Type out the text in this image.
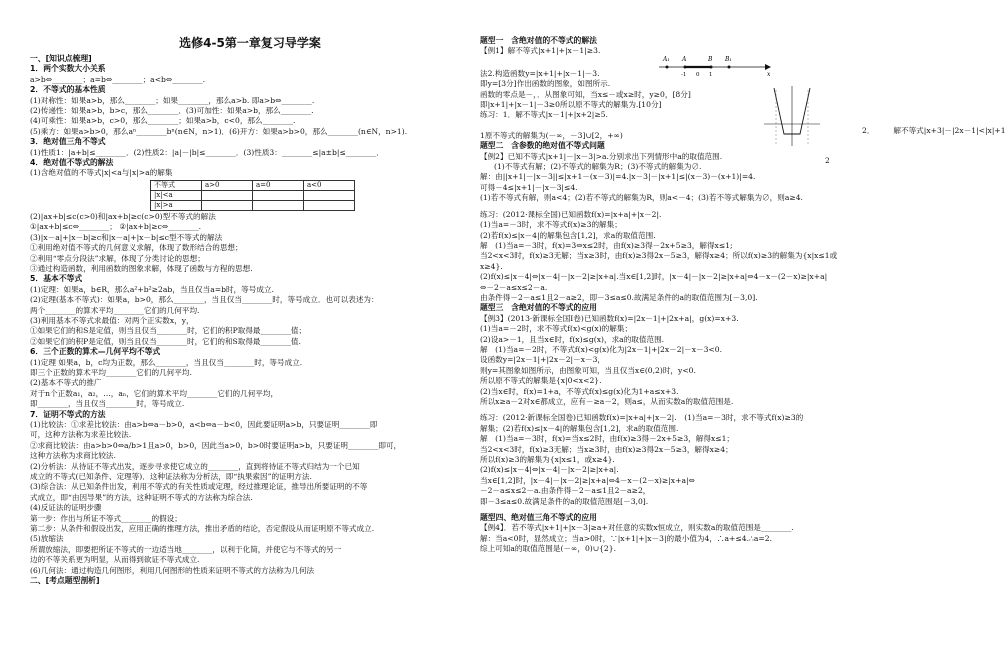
选修4-5第一章复习导学案
一、[知识点梳理]
1．两个实数大小关系
a>b⇔________；a=b⇔________；a<b⇔________.
2．不等式的基本性质
(1)对称性：如果a>b，那么________；如果________，那么a>b. 即a>b⇔________.
(2)传递性：如果a>b，b>c，那么________．(3)可加性：如果a>b，那么________.
(4)可乘性：如果a>b，c>0，那么________；如果a>b，c<0，那么________.
(5)乘方：如果a>b>0，那么aⁿ________bⁿ(n∈N，n>1)．(6)开方：如果a>b>0，那么________(n∈N，n>1).
3．绝对值三角不等式
(1)性质1：|a+b|≤________．(2)性质2：|a|－|b|≤________．(3)性质3：________≤|a±b|≤________．
4．绝对值不等式的解法
(1)含绝对值的不等式|x|<a与|x|>a的解集
不等式	a>0	a=0	a<0
|x|<a			
|x|>a			
(2)|ax+b|≤c(c>0)和|ax+b|≥c(c>0)型不等式的解法
①|ax+b|≤c⇔________； ②|ax+b|≥c⇔________.
(3)|x－a|+|x－b|≥c和|x－a|+|x－b|≤c型不等式的解法
①利用绝对值不等式的几何意义求解，体现了数形结合的思想；
②利用“零点分段法”求解，体现了分类讨论的思想；
③通过构造函数，利用函数的图象求解，体现了函数与方程的思想.
5．基本不等式
(1)定理：如果a，b∈R，那么a²+b²≥2ab，当且仅当a=b时，等号成立.
(2)定理(基本不等式)：如果a，b>0，那么________，当且仅当________时，等号成立．也可以表述为：
两个________的算术平均________它们的几何平均.
(3)利用基本不等式求最值：对两个正实数x，y，
①如果它们的和S是定值，则当且仅当________时，它们的积P取得最________值；
②如果它们的积P是定值，则当且仅当________时，它们的和S取得最________值.
6．三个正数的算术—几何平均不等式
(1)定理 如果a，b，c均为正数，那么________，当且仅当________时，等号成立.
即三个正数的算术平均________它们的几何平均.
(2)基本不等式的推广
对于n个正数a₁，a₂，…，aₙ，它们的算术平均________它们的几何平均，
即________，当且仅当________时，等号成立.
7．证明不等式的方法
(1)比较法：①求差比较法：由a>b⇔a－b>0，a<b⇔a－b<0，因此要证明a>b，只要证明________即
可，这种方法称为求差比较法.
②求商比较法：由a>b>0⇔a/b>1且a>0，b>0，因此当a>0，b>0时要证明a>b，只要证明________即可，
这种方法称为求商比较法.
(2)分析法：从待证不等式出发，逐步寻求使它成立的________，直到将待证不等式归结为一个已知
成立的不等式(已知条件、定理等)．这种证法称为分析法，即“执果索因”的证明方法.
(3)综合法：从已知条件出发，利用不等式的有关性质或定理，经过推理论证，推导出所要证明的不等
式成立，即“由因导果”的方法，这种证明不等式的方法称为综合法.
(4)反证法的证明步骤
第一步：作出与所证不等式________的假设；
第二步：从条件和假设出发，应用正确的推理方法，推出矛盾的结论，否定假设从而证明原不等式成立.
(5)放缩法
所谓放缩法，即要把所证不等式的一边适当地________，以利于化简，并使它与不等式的另一
边的不等关系更为明显，从而得到欲证不等式成立.
(6)几何法：通过构造几何图形，利用几何图形的性质来证明不等式的方法称为几何法
二、[考点题型剖析]
题型一　含绝对值的不等式的解法
【例1】解不等式|x+1|+|x－1|≥3.
法2.构造函数y=|x+1|+|x－1|－3.
即y=[3分]作出函数的图象，如图所示.
函数的零点是－，．从图象可知，当x≤－或x≥时，y≥0，[8分]
即|x+1|+|x－1|－3≥0所以原不等式的解集为.[10分]
练习：1．解不等式|x－1|+|x+2|≥5.
1原不等式的解集为(－∞，－3]∪[2，+∞)
题型二　含参数的绝对值不等式问题
【例2】已知不等式|x+1|－|x－3|>a.分别求出下列情形中a的取值范围.
(1)不等式有解；(2)不等式的解集为R；(3)不等式的解集为∅.
解：由||x+1|－|x－3||≤|x+1－(x－3)|=4.|x－3|－|x+1|≤|(x－3)－(x+1)|=4.
可得－4≤|x+1|－|x－3|≤4.
(1)若不等式有解，则a<4；(2)若不等式的解集为R，则a<－4；(3)若不等式解集为∅，则a≥4.
练习：(2012·课标全国)已知函数f(x)=|x+a|+|x－2|.
(1)当a=－3时，求不等式f(x)≥3的解集；
(2)若f(x)≤|x－4|的解集包含[1,2]，求a的取值范围.
解　(1)当a=－3时，f(x)=3⇔x≤2时，由f(x)≥3得－2x+5≥3，解得x≤1;
当2<x<3时，f(x)≥3无解；当x≥3时，由f(x)≥3得2x－5≥3，解得x≥4；所以f(x)≥3的解集为{x|x≤1或
x≥4}.
(2)f(x)≤|x－4|⇔|x－4|－|x－2|≥|x+a|.当x∈[1,2]时，|x－4|－|x－2|≥|x+a|⇔4－x－(2－x)≥|x+a|
⇔－2－a≤x≤2－a.
由条件得－2－a≤1且2－a≥2，即－3≤a≤0.故满足条件的a的取值范围为[－3,0].
题型三　含绝对值的不等式的应用
【例3】(2013·新课标全国Ⅰ卷)已知函数f(x)=|2x－1|+|2x+a|，g(x)=x+3.
(1)当a=－2时，求不等式f(x)<g(x)的解集；
(2)设a>－1，且当x∈时，f(x)≤g(x)，求a的取值范围.
解　(1)当a=－2时，不等式f(x)<g(x)化为|2x－1|+|2x－2|－x－3<0.
设函数y=|2x－1|+|2x－2|－x－3，
则y=其图象如图所示，由图象可知，当且仅当x∈(0,2)时，y<0.
所以原不等式的解集是{x|0<x<2}.
(2)当x∈时，f(x)=1+a，不等式f(x)≤g(x)化为1+a≤x+3.
所以x≥a－2对x∈都成立，应有－≥a－2，则a≤，从而实数a的取值范围是.
练习：(2012·新课标全国卷)已知函数f(x)=|x+a|+|x－2|.　(1)当a=－3时，求不等式f(x)≥3的
解集；(2)若f(x)≤|x－4|的解集包含[1,2]，求a的取值范围.
解　(1)当a=－3时，f(x)=当x≤2时，由f(x)≥3得－2x+5≥3，解得x≤1；
当2<x<3时，f(x)≥3无解；当x≥3时，由f(x)≥3得2x－5≥3，解得x≥4；
所以f(x)≥3的解集为{x|x≤1，或x≥4}.
(2)f(x)≤|x－4|⇔|x－4|－|x－2|≥|x+a|.
当x∈[1,2]时，|x－4|－|x－2|≥|x+a|⇔4－x－(2－x)≥|x+a|⇔
－2－a≤x≤2－a.由条件得－2－a≤1且2－a≥2，
即－3≤a≤0.故满足条件的a的取值范围是[－3,0].
题型四、绝对值三角不等式的应用
【例4】．若不等式|x+1|+|x－3|≥a+对任意的实数x恒成立，则实数a的取值范围是________.
解：当a<0时，显然成立；当a>0时，∵|x+1|+|x－3|的最小值为4，∴a+≤4.∴a=2.
综上可知a的取值范围是(－∞，0)∪{2}.
A₁ A	B B₁
x
-1 0 1
2．　　　解不等式|x+3|－|2x－1|<|x|+1
2
